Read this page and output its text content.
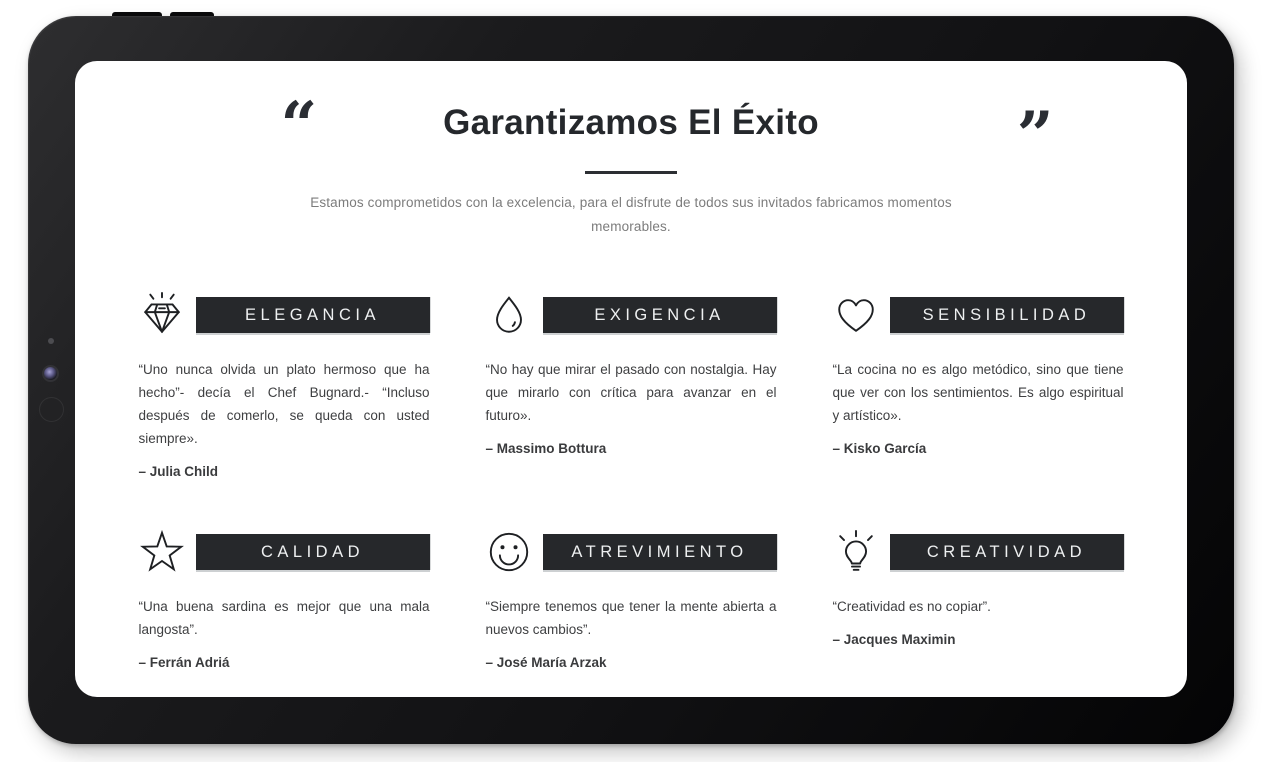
“	”
Garantizamos El Éxito

Estamos comprometidos con la excelencia, para el disfrute de todos sus invitados fabricamos momentos memorables.

ELEGANCIA

“Uno nunca olvida un plato hermoso que ha hecho”- decía el Chef Bugnard.- “Incluso después de comerlo, se queda con usted siempre».

– Julia Child

EXIGENCIA

“No hay que mirar el pasado con nostalgia. Hay que mirarlo con crítica para avanzar en el futuro».

– Massimo Bottura

SENSIBILIDAD

“La cocina no es algo metódico, sino que tiene que ver con los sentimientos. Es algo espiritual y artístico».

– Kisko García

CALIDAD

“Una buena sardina es mejor que una mala langosta”.

– Ferrán Adriá

ATREVIMIENTO

“Siempre tenemos que tener la mente abierta a nuevos cambios”.

– José María Arzak

CREATIVIDAD

“Creatividad es no copiar”.

– Jacques Maximin
